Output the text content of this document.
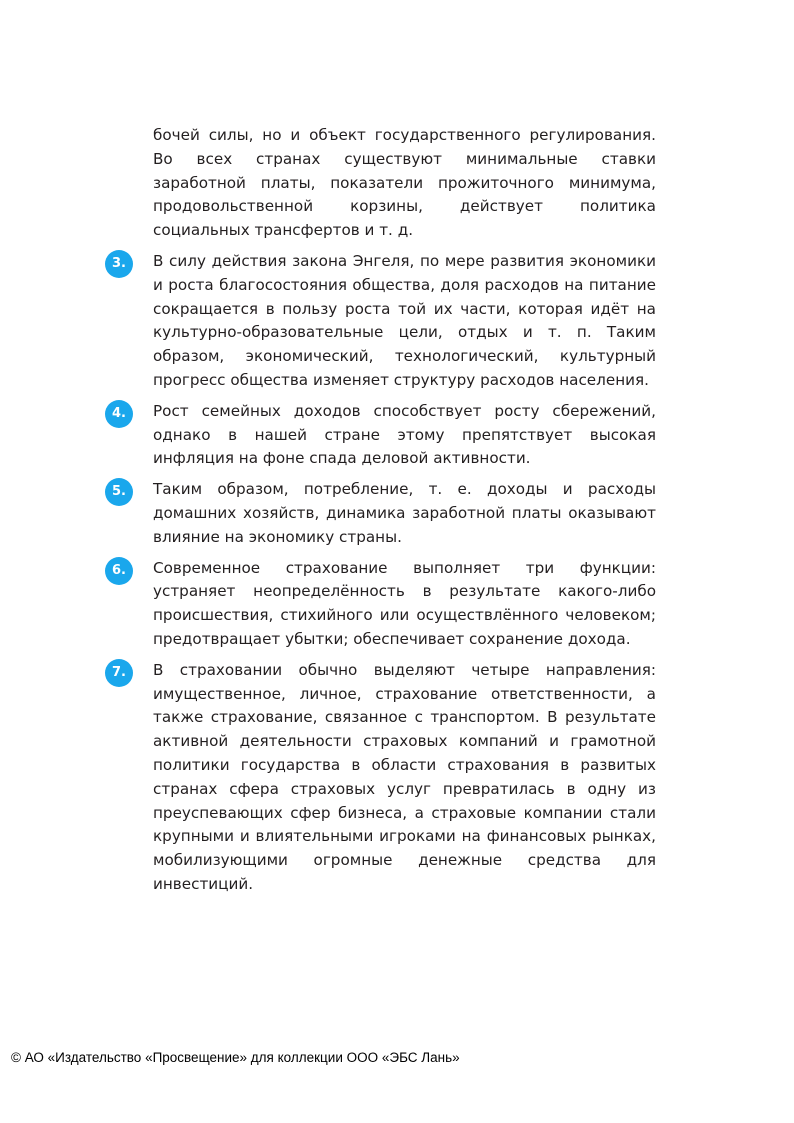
бочей силы, но и объект государственного регулирования. Во всех странах существуют минимальные ставки заработной платы, показатели прожиточного минимума, продовольственной корзины, действует политика социальных трансфертов и т. д.

3.	В силу действия закона Энгеля, по мере развития экономики и роста благосостояния общества, доля расходов на питание сокращается в пользу роста той их части, которая идёт на культурно-образовательные цели, отдых и т. п. Таким образом, экономический, технологический, культурный прогресс общества изменяет структуру расходов населения.
4.	Рост семейных доходов способствует росту сбережений, однако в нашей стране этому препятствует высокая инфляция на фоне спада деловой активности.
5.	Таким образом, потребление, т. е. доходы и расходы домашних хозяйств, динамика заработной платы оказывают влияние на экономику страны.
6.	Современное страхование выполняет три функции: устраняет неопределённость в результате какого-либо происшествия, стихийного или осуществлённого человеком; предотвращает убытки; обеспечивает сохранение дохода.
7.	В страховании обычно выделяют четыре направления: имущественное, личное, страхование ответственности, а также страхование, связанное с транспортом. В результате активной деятельности страховых компаний и грамотной политики государства в области страхования в развитых странах сфера страховых услуг превратилась в одну из преуспевающих сфер бизнеса, а страховые компании стали крупными и влиятельными игроками на финансовых рынках, мобилизующими огромные денежные средства для инвестиций.
© АО «Издательство «Просвещение» для коллекции ООО «ЭБС Лань»
